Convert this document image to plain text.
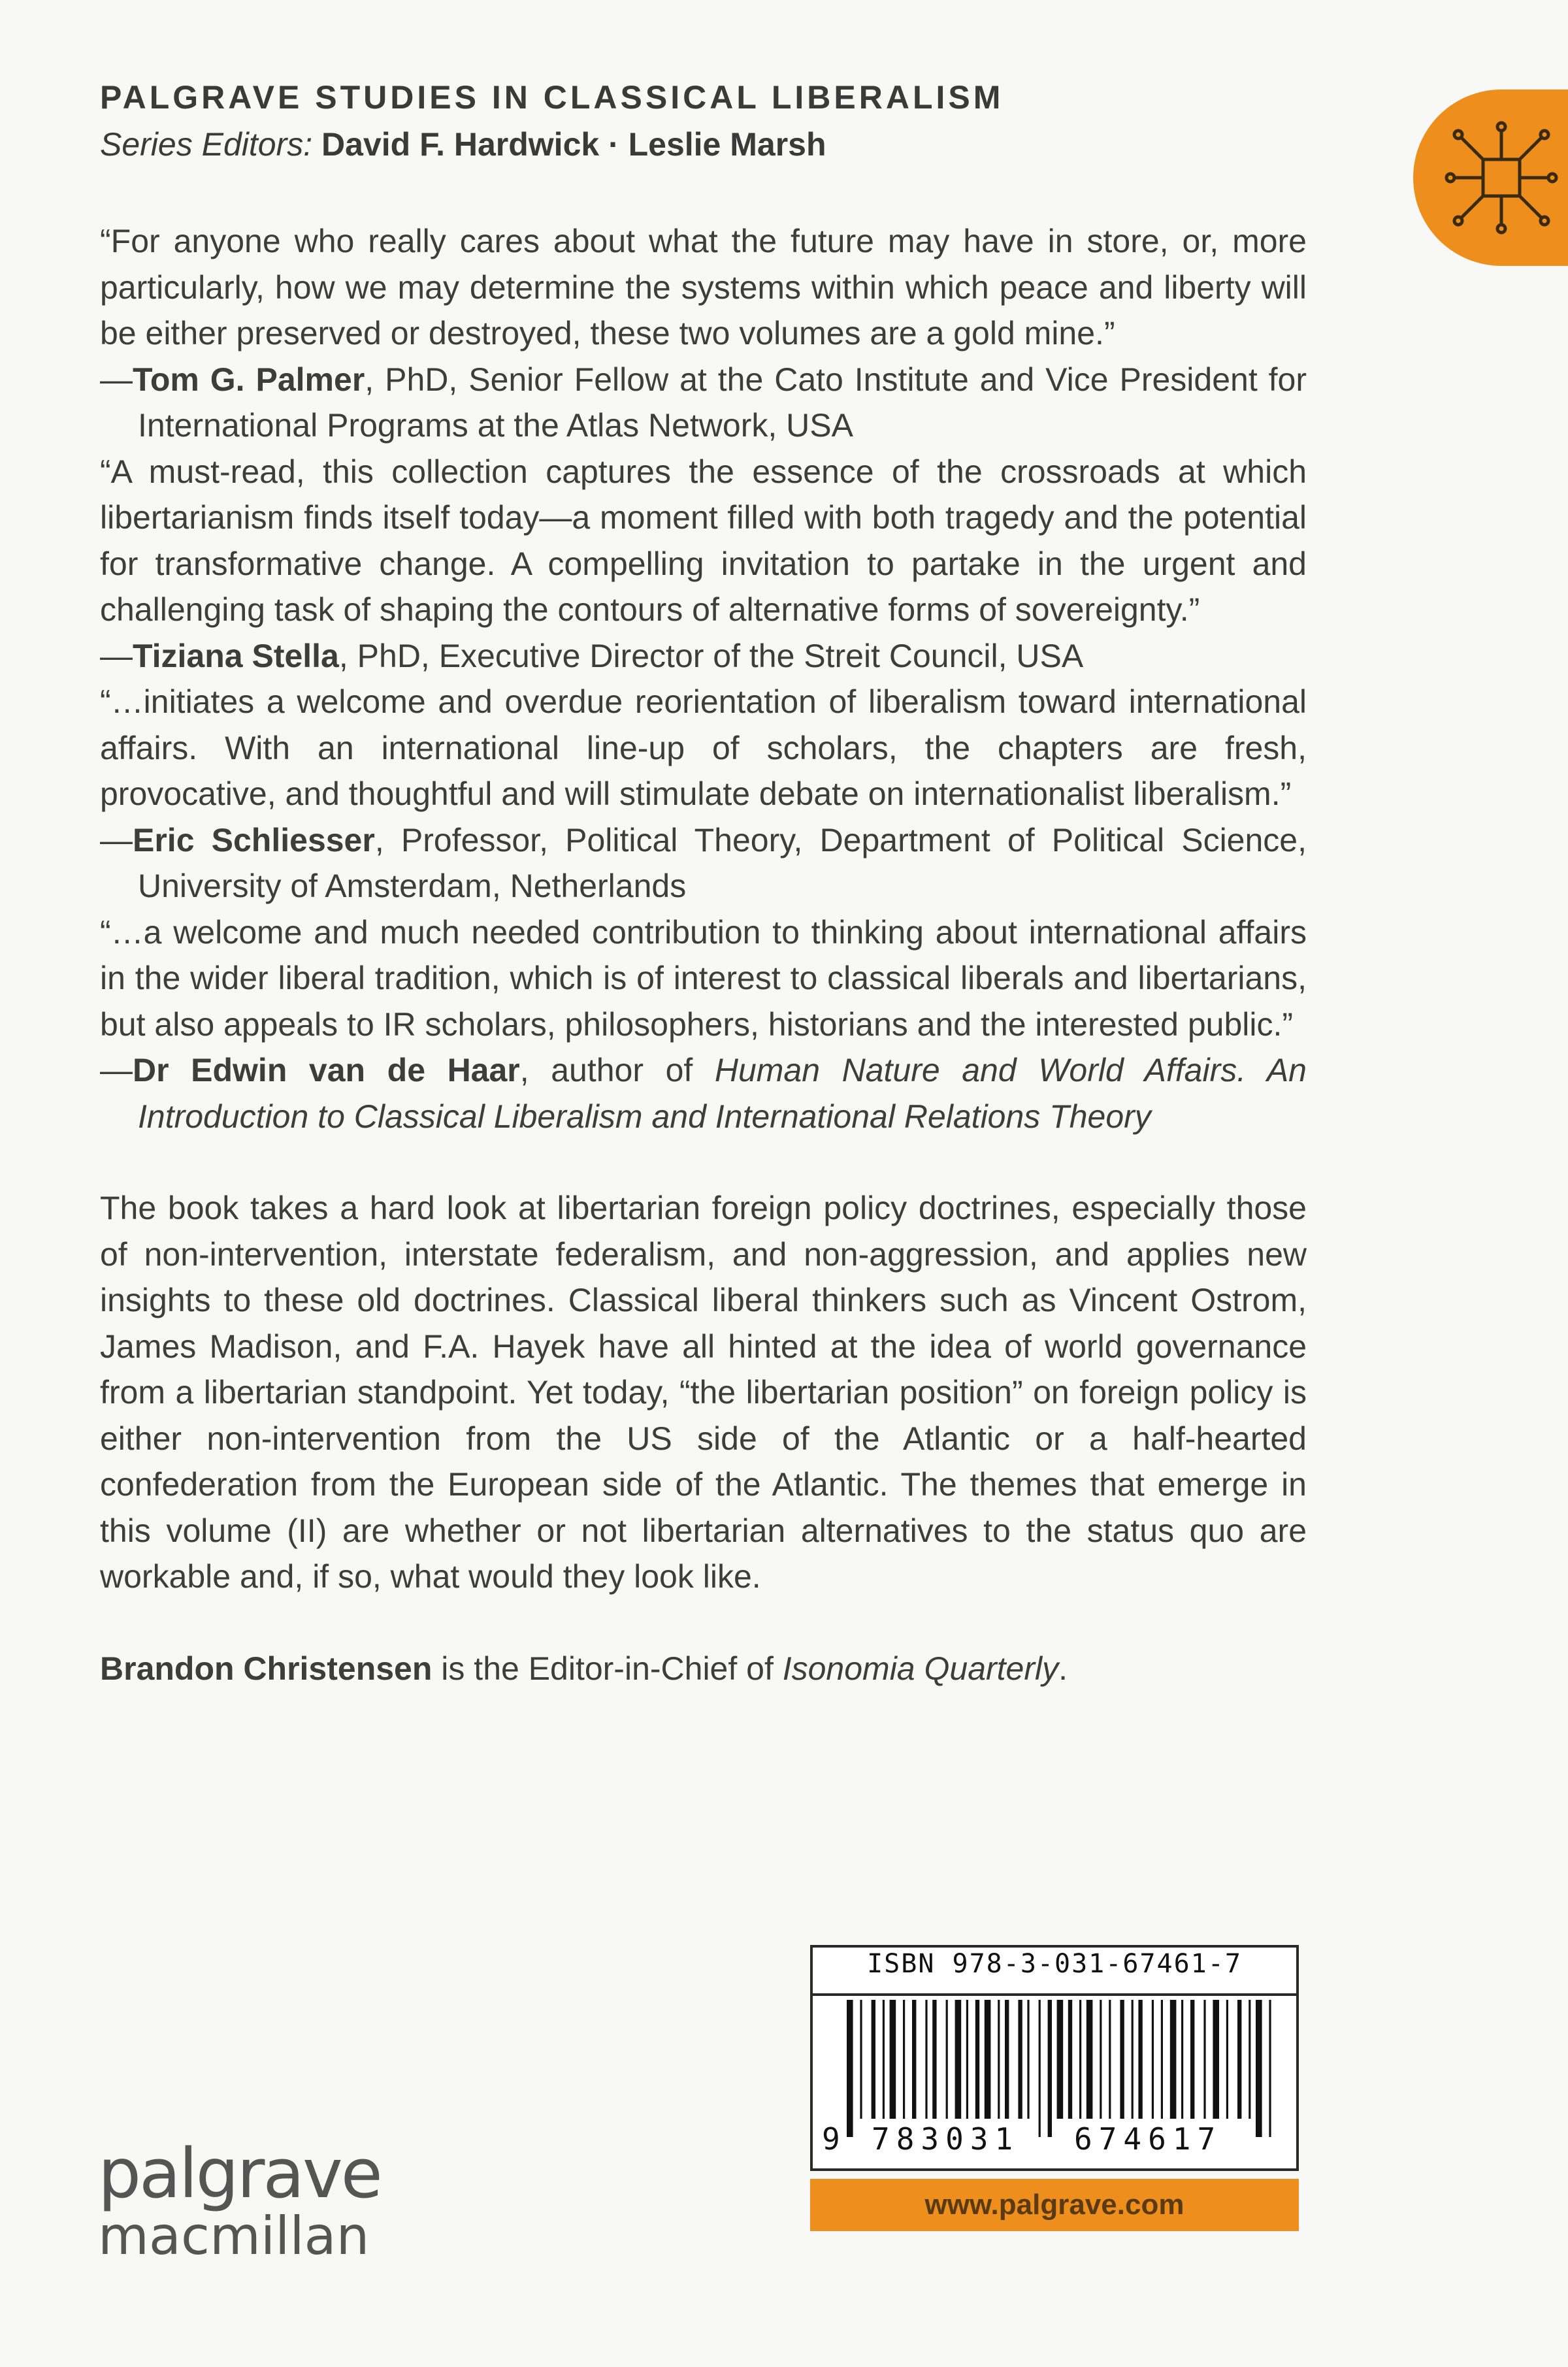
PALGRAVE STUDIES IN CLASSICAL LIBERALISM
Series Editors: David F. Hardwick · Leslie Marsh

“For anyone who really cares about what the future may have in store, or, more particularly, how we may determine the systems within which peace and liberty will be either preserved or destroyed, these two volumes are a gold mine.”

—Tom G. Palmer, PhD, Senior Fellow at the Cato Institute and Vice President for International Programs at the Atlas Network, USA

“A must-read, this collection captures the essence of the crossroads at which libertarianism finds itself today—a moment filled with both tragedy and the potential for transformative change. A compelling invitation to partake in the urgent and challenging task of shaping the contours of alternative forms of sovereignty.”

—Tiziana Stella, PhD, Executive Director of the Streit Council, USA

“…initiates a welcome and overdue reorientation of liberalism toward international affairs. With an international line-up of scholars, the chapters are fresh, provocative, and thoughtful and will stimulate debate on internationalist liberalism.”

—Eric Schliesser, Professor, Political Theory, Department of Political Science, University of Amsterdam, Netherlands

“…a welcome and much needed contribution to thinking about international affairs in the wider liberal tradition, which is of interest to classical liberals and libertarians, but also appeals to IR scholars, philosophers, historians and the interested public.”

—Dr Edwin van de Haar, author of Human Nature and World Affairs. An Introduction to Classical Liberalism and International Relations Theory

The book takes a hard look at libertarian foreign policy doctrines, especially those of non-intervention, interstate federalism, and non-aggression, and applies new insights to these old doctrines. Classical liberal thinkers such as Vincent Ostrom, James Madison, and F.A. Hayek have all hinted at the idea of world governance from a libertarian standpoint. Yet today, “the libertarian position” on foreign policy is either non-intervention from the US side of the Atlantic or a half-hearted confederation from the European side of the Atlantic. The themes that emerge in this volume (II) are whether or not libertarian alternatives to the status quo are workable and, if so, what would they look like.

Brandon Christensen is the Editor-in-Chief of Isonomia Quarterly.

palgrave
macmillan
ISBN 978-3-031-67461-7
9 783031 674617
www.palgrave.com
